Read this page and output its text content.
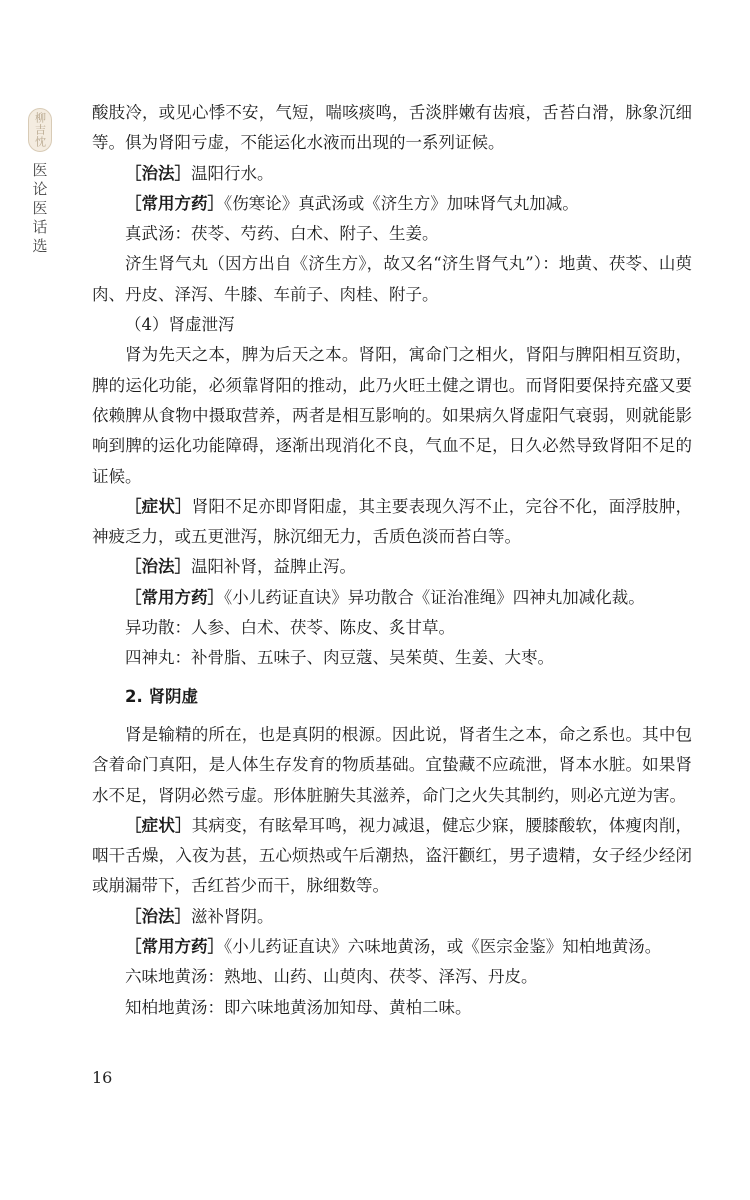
柳吉忱
医论医话选

酸肢冷，或见心悸不安，气短，喘咳痰鸣，舌淡胖嫩有齿痕，舌苔白滑，脉象沉细等。俱为肾阳亏虚，不能运化水液而出现的一系列证候。

［治法］温阳行水。

［常用方药］《伤寒论》真武汤或《济生方》加味肾气丸加减。

真武汤：茯苓、芍药、白术、附子、生姜。

济生肾气丸（因方出自《济生方》，故又名“济生肾气丸”）：地黄、茯苓、山萸肉、丹皮、泽泻、牛膝、车前子、肉桂、附子。

（4）肾虚泄泻

肾为先天之本，脾为后天之本。肾阳，寓命门之相火，肾阳与脾阳相互资助，脾的运化功能，必须靠肾阳的推动，此乃火旺土健之谓也。而肾阳要保持充盛又要依赖脾从食物中摄取营养，两者是相互影响的。如果病久肾虚阳气衰弱，则就能影响到脾的运化功能障碍，逐渐出现消化不良，气血不足，日久必然导致肾阳不足的证候。

［症状］肾阳不足亦即肾阳虚，其主要表现久泻不止，完谷不化，面浮肢肿，神疲乏力，或五更泄泻，脉沉细无力，舌质色淡而苔白等。

［治法］温阳补肾，益脾止泻。

［常用方药］《小儿药证直诀》异功散合《证治准绳》四神丸加减化裁。

异功散：人参、白术、茯苓、陈皮、炙甘草。

四神丸：补骨脂、五味子、肉豆蔻、吴茱萸、生姜、大枣。

2. 肾阴虚

肾是输精的所在，也是真阴的根源。因此说，肾者生之本，命之系也。其中包含着命门真阳，是人体生存发育的物质基础。宜蛰藏不应疏泄，肾本水脏。如果肾水不足，肾阴必然亏虚。形体脏腑失其滋养，命门之火失其制约，则必亢逆为害。

［症状］其病变，有眩晕耳鸣，视力减退，健忘少寐，腰膝酸软，体瘦肉削，咽干舌燥，入夜为甚，五心烦热或午后潮热，盗汗颧红，男子遗精，女子经少经闭或崩漏带下，舌红苔少而干，脉细数等。

［治法］滋补肾阴。

［常用方药］《小儿药证直诀》六味地黄汤，或《医宗金鉴》知柏地黄汤。

六味地黄汤：熟地、山药、山萸肉、茯苓、泽泻、丹皮。

知柏地黄汤：即六味地黄汤加知母、黄柏二味。

16
